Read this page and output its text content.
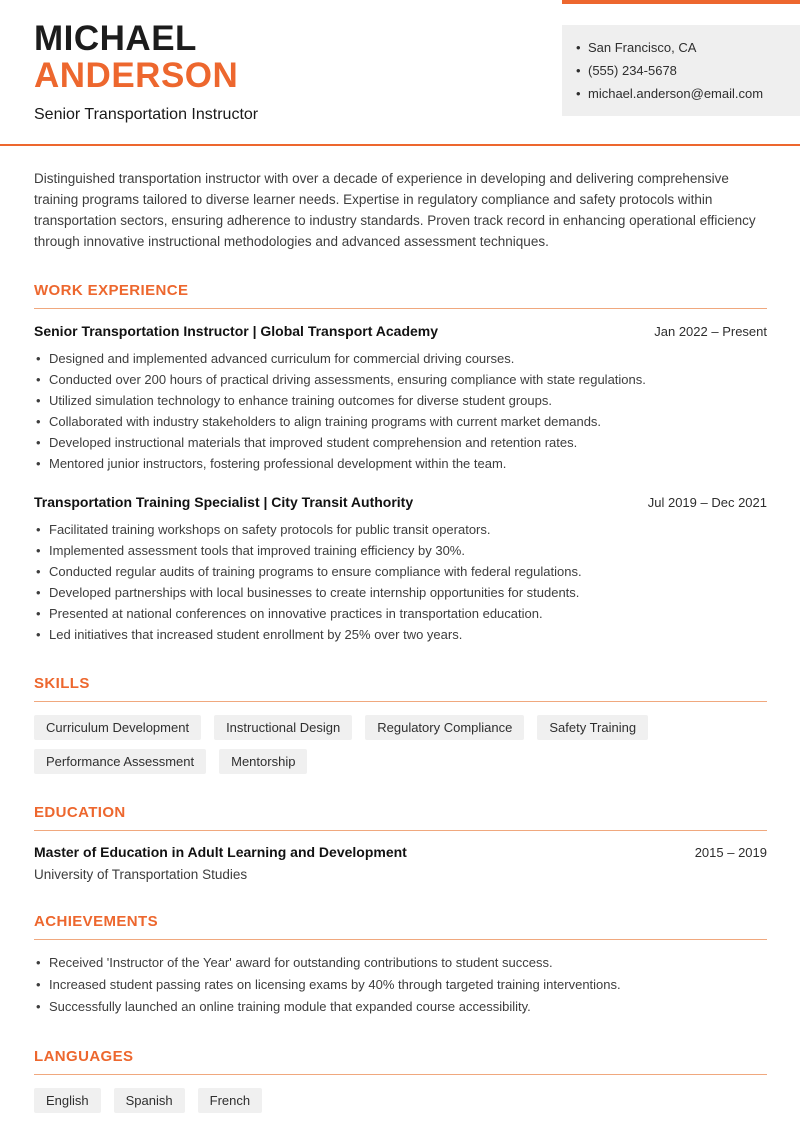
MICHAEL
ANDERSON
Senior Transportation Instructor
• San Francisco, CA
• (555) 234-5678
• michael.anderson@email.com

Distinguished transportation instructor with over a decade of experience in developing and delivering comprehensive training programs tailored to diverse learner needs. Expertise in regulatory compliance and safety protocols within transportation sectors, ensuring adherence to industry standards. Proven track record in enhancing operational efficiency through innovative instructional methodologies and advanced assessment techniques.

WORK EXPERIENCE
Senior Transportation Instructor | Global Transport Academy	Jan 2022 – Present
• Designed and implemented advanced curriculum for commercial driving courses.
• Conducted over 200 hours of practical driving assessments, ensuring compliance with state regulations.
• Utilized simulation technology to enhance training outcomes for diverse student groups.
• Collaborated with industry stakeholders to align training programs with current market demands.
• Developed instructional materials that improved student comprehension and retention rates.
• Mentored junior instructors, fostering professional development within the team.
Transportation Training Specialist | City Transit Authority	Jul 2019 – Dec 2021
• Facilitated training workshops on safety protocols for public transit operators.
• Implemented assessment tools that improved training efficiency by 30%.
• Conducted regular audits of training programs to ensure compliance with federal regulations.
• Developed partnerships with local businesses to create internship opportunities for students.
• Presented at national conferences on innovative practices in transportation education.
• Led initiatives that increased student enrollment by 25% over two years.
SKILLS
Curriculum Development	Instructional Design	Regulatory Compliance	Safety Training
Performance Assessment	Mentorship
EDUCATION
Master of Education in Adult Learning and Development	2015 – 2019
University of Transportation Studies
ACHIEVEMENTS
• Received 'Instructor of the Year' award for outstanding contributions to student success.
• Increased student passing rates on licensing exams by 40% through targeted training interventions.
• Successfully launched an online training module that expanded course accessibility.
LANGUAGES
English	Spanish	French
